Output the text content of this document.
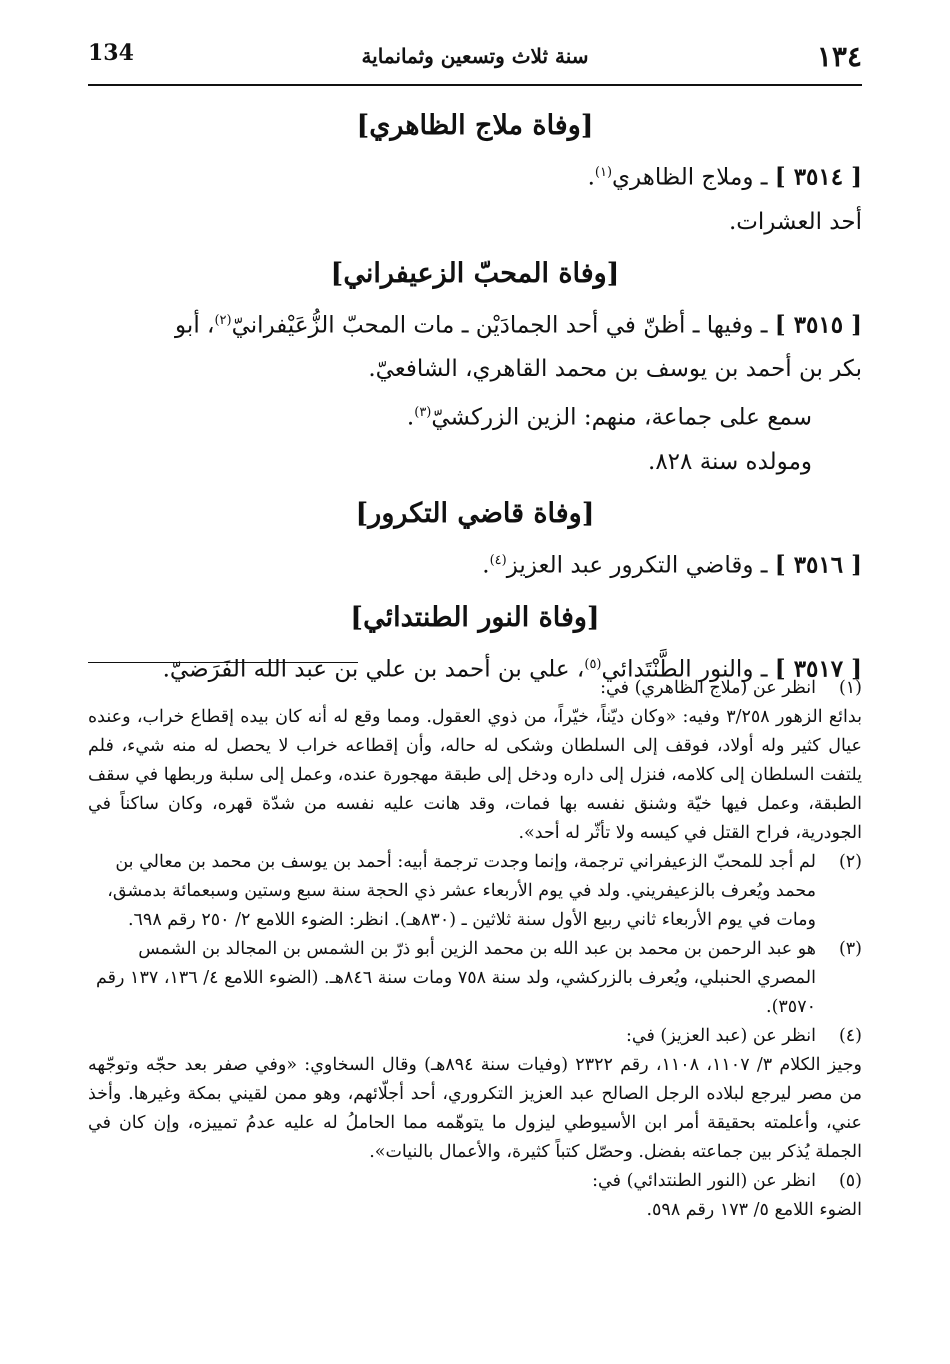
134	سنة ثلاث وتسعين وثمانماية	١٣٤
[وفاة ملاج الظاهري]

[ ٣٥١٤ ] ـ وملاج الظاهري$^{(١)}$.

أحد العشرات.

[وفاة المحبّ الزعيفراني]

[ ٣٥١٥ ] ـ وفيها ـ أظنّ في أحد الجمادَيْن ـ مات المحبّ الزُّعَيْفرانيّ$^{(٢)}$، أبو

بكر بن أحمد بن يوسف بن محمد القاهري، الشافعيّ.

سمع على جماعة، منهم: الزين الزركشيّ$^{(٣)}$.

ومولده سنة ٨٢٨.

[وفاة قاضي التكرور]

[ ٣٥١٦ ] ـ وقاضي التكرور عبد العزيز$^{(٤)}$.

[وفاة النور الطنتدائي]

[ ٣٥١٧ ] ـ والنور الطَّنْتَدائي$^{(٥)}$، علي بن أحمد بن علي بن عبد الله الفَرَضيّ.

(١)
انظر عن (ملاج الظاهري) في:
بدائع الزهور ٣/٢٥٨ وفيه: «وكان ديّناً، خيّراً، من ذوي العقول. ومما وقع له أنه كان بيده إقطاع خراب، وعنده عيال كثير وله أولاد، فوقف إلى السلطان وشكى له حاله، وأن إقطاعه خراب لا يحصل له منه شيء، فلم يلتفت السلطان إلى كلامه، فنزل إلى داره ودخل إلى طبقة مهجورة عنده، وعمل إلى سلبة وربطها في سقف الطبقة، وعمل فيها خيّة وشنق نفسه بها فمات، وقد هانت عليه نفسه من شدّة قهره، وكان ساكناً في الجودرية، فراح القتل في كيسه ولا تأثّر له أحد».
(٢)
لم أجد للمحبّ الزعيفراني ترجمة، وإنما وجدت ترجمة أبيه: أحمد بن يوسف بن محمد بن معالي بن محمد ويُعرف بالزعيفريني. ولد في يوم الأربعاء عشر ذي الحجة سنة سبع وستين وسبعمائة بدمشق، ومات في يوم الأربعاء ثاني ربيع الأول سنة ثلاثين ـ (٨٣٠هـ). انظر: الضوء اللامع ٢/ ٢٥٠ رقم ٦٩٨.
(٣)
هو عبد الرحمن بن محمد بن عبد الله بن محمد الزين أبو ذرّ بن الشمس بن المجالد بن الشمس المصري الحنبلي، ويُعرف بالزركشي، ولد سنة ٧٥٨ ومات سنة ٨٤٦هـ. (الضوء اللامع ٤/ ١٣٦، ١٣٧ رقم ٣٥٧٠).
(٤)
انظر عن (عبد العزيز) في:
وجيز الكلام ٣/ ١١٠٧، ١١٠٨، رقم ٢٣٢٢ (وفيات سنة ٨٩٤هـ) وقال السخاوي: «وفي صفر بعد حجّه وتوجّهه من مصر ليرجع لبلاده الرجل الصالح عبد العزيز التكروري، أحد أجلّائهم، وهو ممن لقيني بمكة وغيرها. وأخذ عني، وأعلمته بحقيقة أمر ابن الأسيوطي ليزول ما يتوهّمه مما الحاملُ له عليه عدمُ تمييزه، وإن كان في الجملة يُذكر بين جماعته بفضل. وحصّل كتباً كثيرة، والأعمال بالنيات».
(٥)
انظر عن (النور الطنتدائي) في:
الضوء اللامع ٥/ ١٧٣ رقم ٥٩٨.
